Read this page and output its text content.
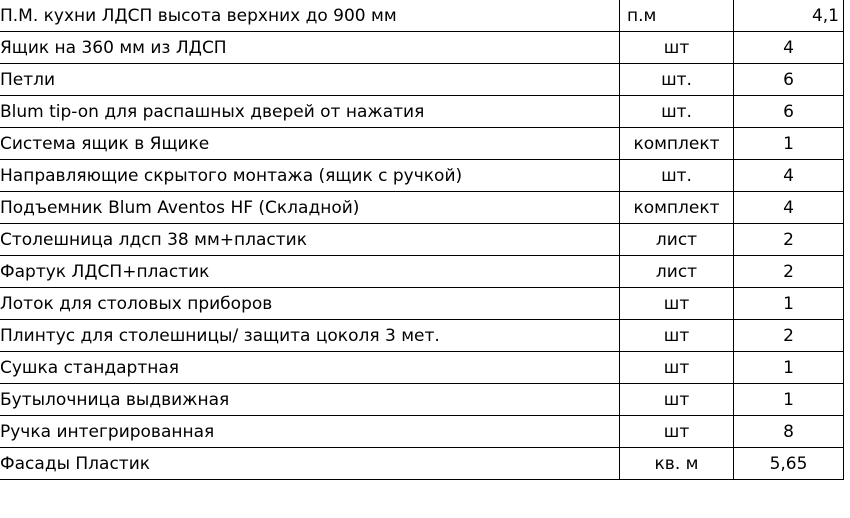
П.М. кухни ЛДСП высота верхних до 900 мм	п.м	4,1
Ящик на 360 мм из ЛДСП	шт	4
Петли	шт.	6
Blum tip-on для распашных дверей от нажатия	шт.	6
Система ящик в Ящике	комплект	1
Направляющие скрытого монтажа (ящик с ручкой)	шт.	4
Подъемник Blum Aventos HF (Складной)	комплект	4
Столешница лдсп 38 мм+пластик	лист	2
Фартук ЛДСП+пластик	лист	2
Лоток для столовых приборов	шт	1
Плинтус для столешницы/ защита цоколя 3 мет.	шт	2
Сушка стандартная	шт	1
Бутылочница выдвижная	шт	1
Ручка интегрированная	шт	8
Фасады Пластик	кв. м	5,65
